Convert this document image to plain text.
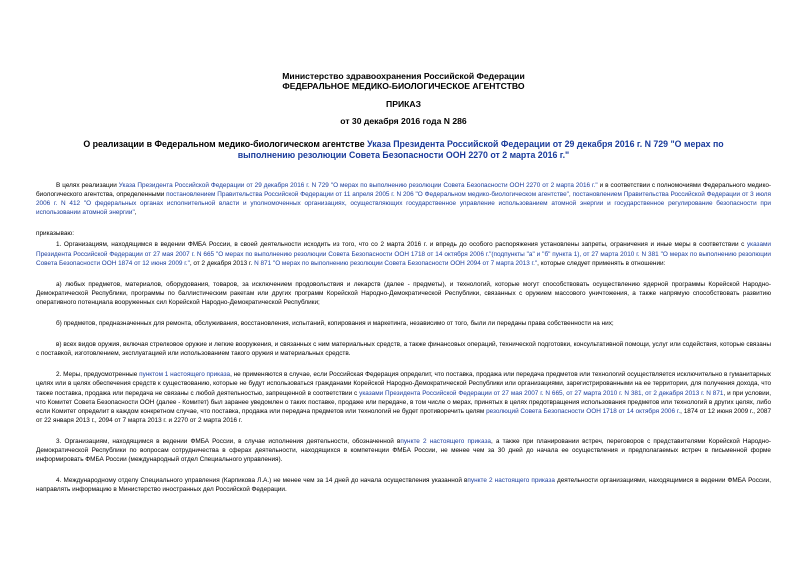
Министерство здравоохранения Российской Федерации
ФЕДЕРАЛЬНОЕ МЕДИКО-БИОЛОГИЧЕСКОЕ АГЕНТСТВО
ПРИКАЗ
от 30 декабря 2016 года N 286
О реализации в Федеральном медико-биологическом агентстве Указа Президента Российской Федерации от 29 декабря 2016 г. N 729 "О мерах по выполнению резолюции Совета Безопасности ООН 2270 от 2 марта 2016 г."

В целях реализации Указа Президента Российской Федерации от 29 декабря 2016 г. N 729 "О мерах по выполнению резолюции Совета Безопасности ООН 2270 от 2 марта 2016 г." и в соответствии с полномочиями Федерального медико-биологического агентства, определенными постановлением Правительства Российской Федерации от 11 апреля 2005 г. N 206 "О Федеральном медико-биологическом агентстве", постановлением Правительства Российской Федерации от 3 июля 2006 г. N 412 "О федеральных органах исполнительной власти и уполномоченных организациях, осуществляющих государственное управление использованием атомной энергии и государственное регулирование безопасности при использовании атомной энергии",

приказываю:

1. Организациям, находящимся в ведении ФМБА России, в своей деятельности исходить из того, что со 2 марта 2016 г. и впредь до особого распоряжения установлены запреты, ограничения и иные меры в соответствии с указами Президента Российской Федерации от 27 мая 2007 г. N 665 "О мерах по выполнению резолюции Совета Безопасности ООН 1718 от 14 октября 2006 г."(подпункты "а" и "б" пункта 1), от 27 марта 2010 г. N 381 "О мерах по выполнению резолюции Совета Безопасности ООН 1874 от 12 июня 2009 г.", от 2 декабря 2013 г. N 871 "О мерах по выполнению резолюции Совета Безопасности ООН 2094 от 7 марта 2013 г.", которые следует применять в отношении:

а) любых предметов, материалов, оборудования, товаров, за исключением продовольствия и лекарств (далее - предметы), и технологий, которые могут способствовать осуществлению ядерной программы Корейской Народно-Демократической Республики, программы по баллистическим ракетам или других программ Корейской Народно-Демократической Республики, связанных с оружием массового уничтожения, а также напрямую способствовать развитию оперативного потенциала вооруженных сил Корейской Народно-Демократической Республики;

б) предметов, предназначенных для ремонта, обслуживания, восстановления, испытаний, копирования и маркетинга, независимо от того, были ли переданы права собственности на них;

в) всех видов оружия, включая стрелковое оружие и легкие вооружения, и связанных с ним материальных средств, а также финансовых операций, технической подготовки, консультативной помощи, услуг или содействия, которые связаны с поставкой, изготовлением, эксплуатацией или использованием такого оружия и материальных средств.

2. Меры, предусмотренные пунктом 1 настоящего приказа, не применяются в случае, если Российская Федерация определит, что поставка, продажа или передача предметов или технологий осуществляется исключительно в гуманитарных целях или в целях обеспечения средств к существованию, которые не будут использоваться гражданами Корейской Народно-Демократической Республики или организациями, зарегистрированными на ее территории, для получения дохода, что также поставка, продажа или передача не связаны с любой деятельностью, запрещенной в соответствии с указами Президента Российской Федерации от 27 мая 2007 г. N 665, от 27 марта 2010 г. N 381, от 2 декабря 2013 г. N 871, и при условии, что Комитет Совета Безопасности ООН (далее - Комитет) был заранее уведомлен о таких поставке, продаже или передаче, в том числе о мерах, принятых в целях предотвращения использования предметов или технологий в других целях, либо если Комитет определит в каждом конкретном случае, что поставка, продажа или передача предметов или технологий не будет противоречить целям резолюций Совета Безопасности ООН 1718 от 14 октября 2006 г., 1874 от 12 июня 2009 г., 2087 от 22 января 2013 г., 2094 от 7 марта 2013 г. и 2270 от 2 марта 2016 г.

3. Организациям, находящимся в ведении ФМБА России, в случае исполнения деятельности, обозначенной впункте 2 настоящего приказа, а также при планировании встреч, переговоров с представителями Корейской Народно-Демократической Республики по вопросам сотрудничества в сферах деятельности, находящихся в компетенции ФМБА России, не менее чем за 30 дней до начала ее осуществления и предполагаемых встреч в письменной форме информировать ФМБА России (международный отдел Специального управления).

4. Международному отделу Специального управления (Карпикова Л.А.) не менее чем за 14 дней до начала осуществления указанной впункте 2 настоящего приказа деятельности организациями, находящимися в ведении ФМБА России, направлять информацию в Министерство иностранных дел Российской Федерации.
